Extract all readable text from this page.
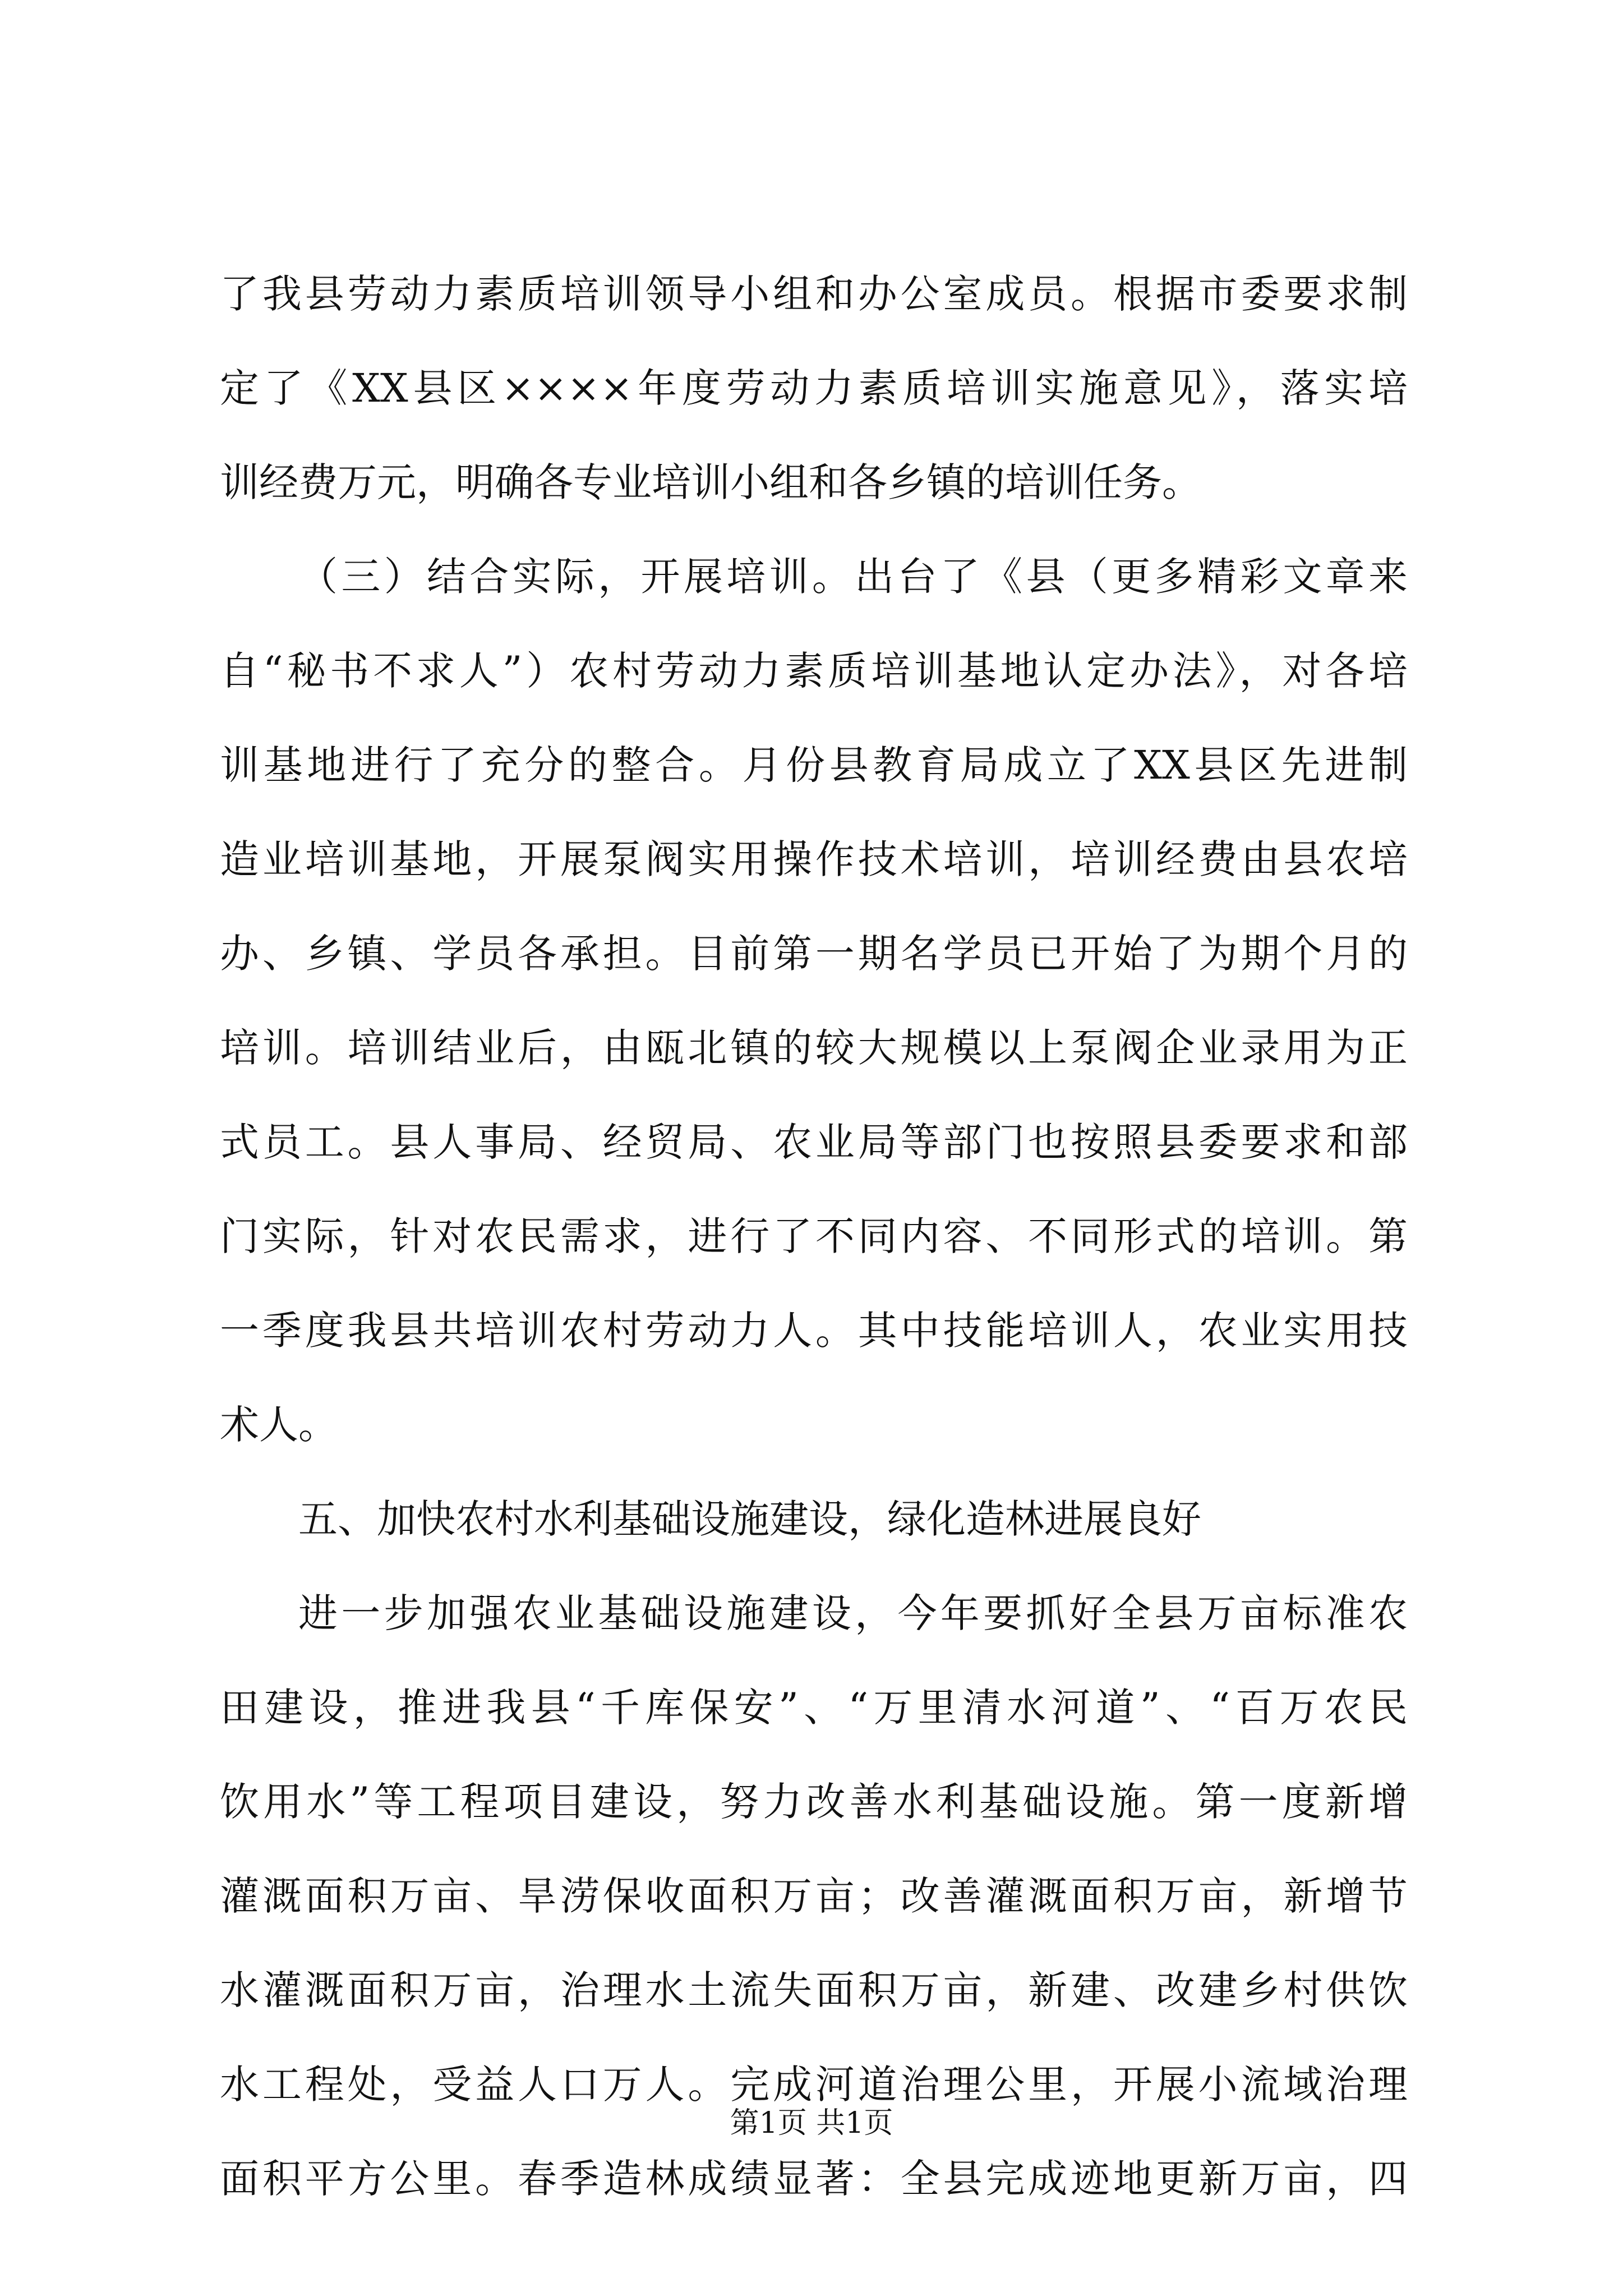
了我县劳动力素质培训领导小组和办公室成员。根据市委要求制
定了《XX县区××××年度劳动力素质培训实施意见》，落实培
训经费万元，明确各专业培训小组和各乡镇的培训任务。
（三）结合实际，开展培训。出台了《县（更多精彩文章来
自“秘书不求人”）农村劳动力素质培训基地认定办法》，对各培
训基地进行了充分的整合。月份县教育局成立了XX县区先进制
造业培训基地，开展泵阀实用操作技术培训，培训经费由县农培
办、乡镇、学员各承担。目前第一期名学员已开始了为期个月的
培训。培训结业后，由瓯北镇的较大规模以上泵阀企业录用为正
式员工。县人事局、经贸局、农业局等部门也按照县委要求和部
门实际，针对农民需求，进行了不同内容、不同形式的培训。第
一季度我县共培训农村劳动力人。其中技能培训人，农业实用技
术人。
五、加快农村水利基础设施建设，绿化造林进展良好
进一步加强农业基础设施建设，今年要抓好全县万亩标准农
田建设，推进我县“千库保安”、“万里清水河道”、“百万农民
饮用水”等工程项目建设，努力改善水利基础设施。第一度新增
灌溉面积万亩、旱涝保收面积万亩；改善灌溉面积万亩，新增节
水灌溉面积万亩，治理水土流失面积万亩，新建、改建乡村供饮
水工程处，受益人口万人。完成河道治理公里，开展小流域治理
面积平方公里。春季造林成绩显著：全县完成迹地更新万亩，四
第1页 共1页
